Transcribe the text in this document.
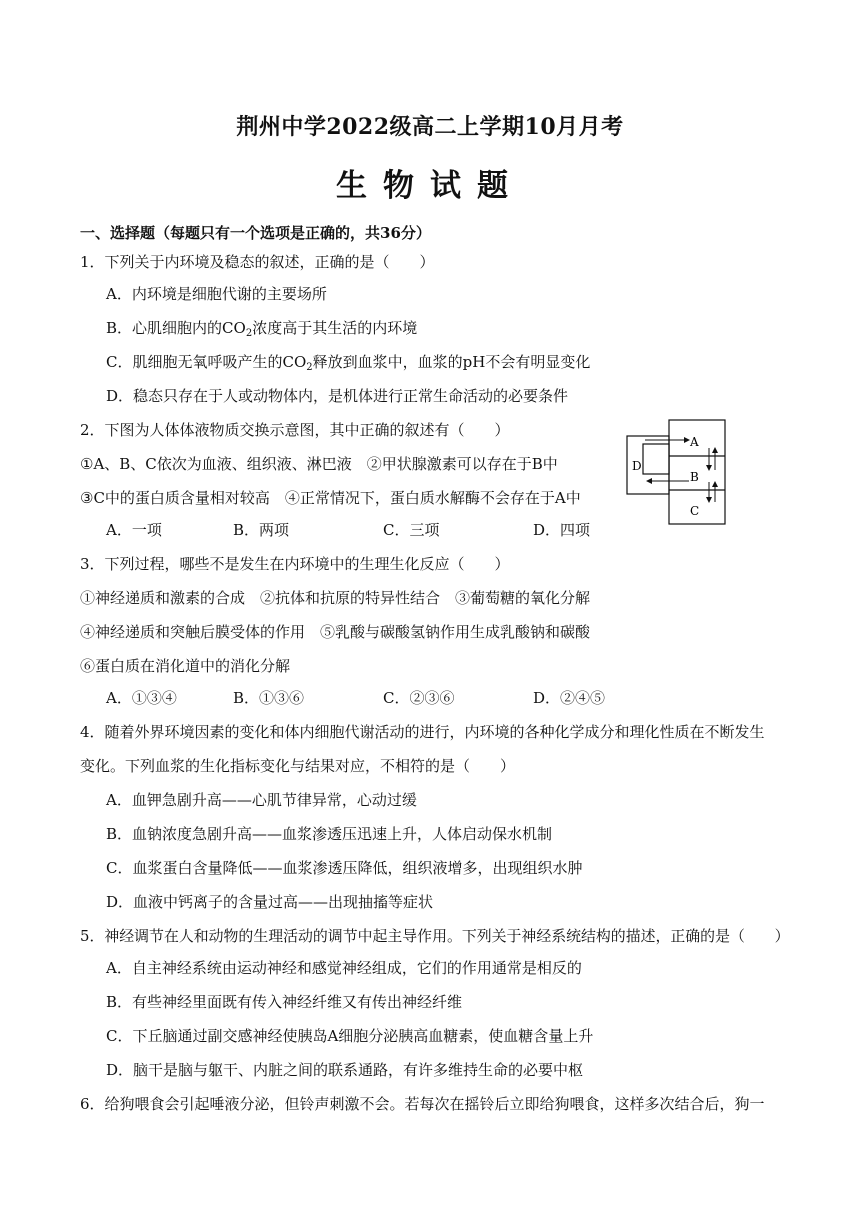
荆州中学2022级高二上学期10月月考
生物试题
一、选择题（每题只有一个选项是正确的，共36分）
1．下列关于内环境及稳态的叙述，正确的是（　　）
A．内环境是细胞代谢的主要场所
B．心肌细胞内的$CO_2$浓度高于其生活的内环境
C．肌细胞无氧呼吸产生的$CO_2$释放到血浆中，血浆的pH不会有明显变化
D．稳态只存在于人或动物体内，是机体进行正常生命活动的必要条件
2．下图为人体体液物质交换示意图，其中正确的叙述有（　　）
①A、B、C依次为血液、组织液、淋巴液　②甲状腺激素可以存在于B中
③C中的蛋白质含量相对较高　④正常情况下，蛋白质水解酶不会存在于A中
A．一项	B．两项	C．三项	D．四项
A
B
C
D
3．下列过程，哪些不是发生在内环境中的生理生化反应（　　）
①神经递质和激素的合成　②抗体和抗原的特异性结合　③葡萄糖的氧化分解
④神经递质和突触后膜受体的作用　⑤乳酸与碳酸氢钠作用生成乳酸钠和碳酸
⑥蛋白质在消化道中的消化分解
A．①③④	B．①③⑥	C．②③⑥	D．②④⑤
4．随着外界环境因素的变化和体内细胞代谢活动的进行，内环境的各种化学成分和理化性质在不断发生
变化。下列血浆的生化指标变化与结果对应，不相符的是（　　）
A．血钾急剧升高——心肌节律异常，心动过缓
B．血钠浓度急剧升高——血浆渗透压迅速上升，人体启动保水机制
C．血浆蛋白含量降低——血浆渗透压降低，组织液增多，出现组织水肿
D．血液中钙离子的含量过高——出现抽搐等症状
5．神经调节在人和动物的生理活动的调节中起主导作用。下列关于神经系统结构的描述，正确的是（　　）
A．自主神经系统由运动神经和感觉神经组成，它们的作用通常是相反的
B．有些神经里面既有传入神经纤维又有传出神经纤维
C．下丘脑通过副交感神经使胰岛A细胞分泌胰高血糖素，使血糖含量上升
D．脑干是脑与躯干、内脏之间的联系通路，有许多维持生命的必要中枢
6．给狗喂食会引起唾液分泌，但铃声刺激不会。若每次在摇铃后立即给狗喂食，这样多次结合后，狗一
